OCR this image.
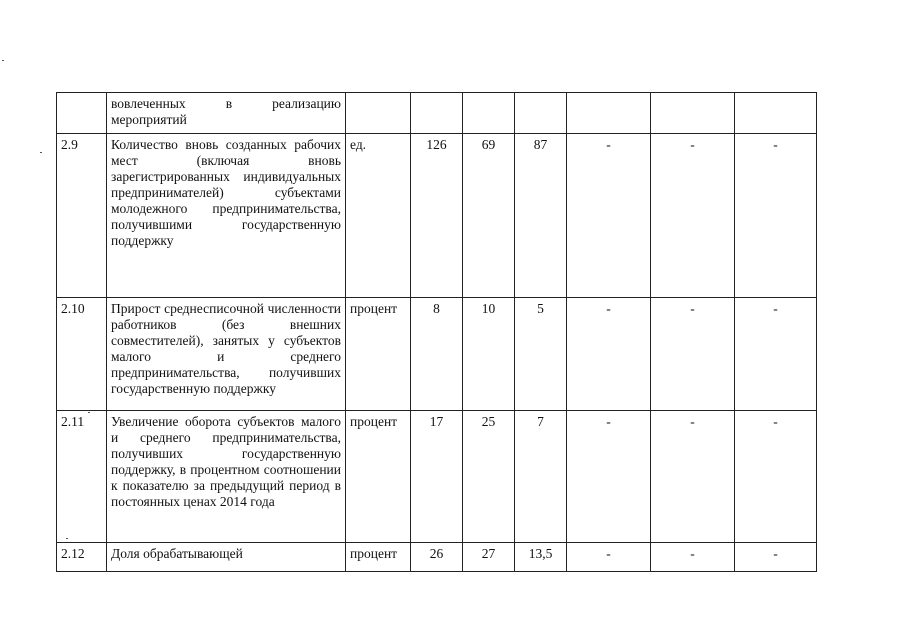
	вовлеченных в реализацию мероприятий							
2.9	Количество вновь созданных рабочих мест (включая вновь зарегистрированных индивидуальных предпринимателей) субъектами молодежного предпринимательства, получившими государственную поддержку	ед.	126	69	87	-	-	-
2.10	Прирост среднесписочной численности работников (без внешних совместителей), занятых у субъектов малого и среднего предпринимательства, получивших государственную поддержку	процент	8	10	5	-	-	-
2.11	Увеличение оборота субъектов малого и среднего предпринимательства, получивших государственную поддержку, в процентном соотношении к показателю за предыдущий период в постоянных ценах 2014 года	процент	17	25	7	-	-	-
2.12	Доля обрабатывающей	процент	26	27	13,5	-	-	-
